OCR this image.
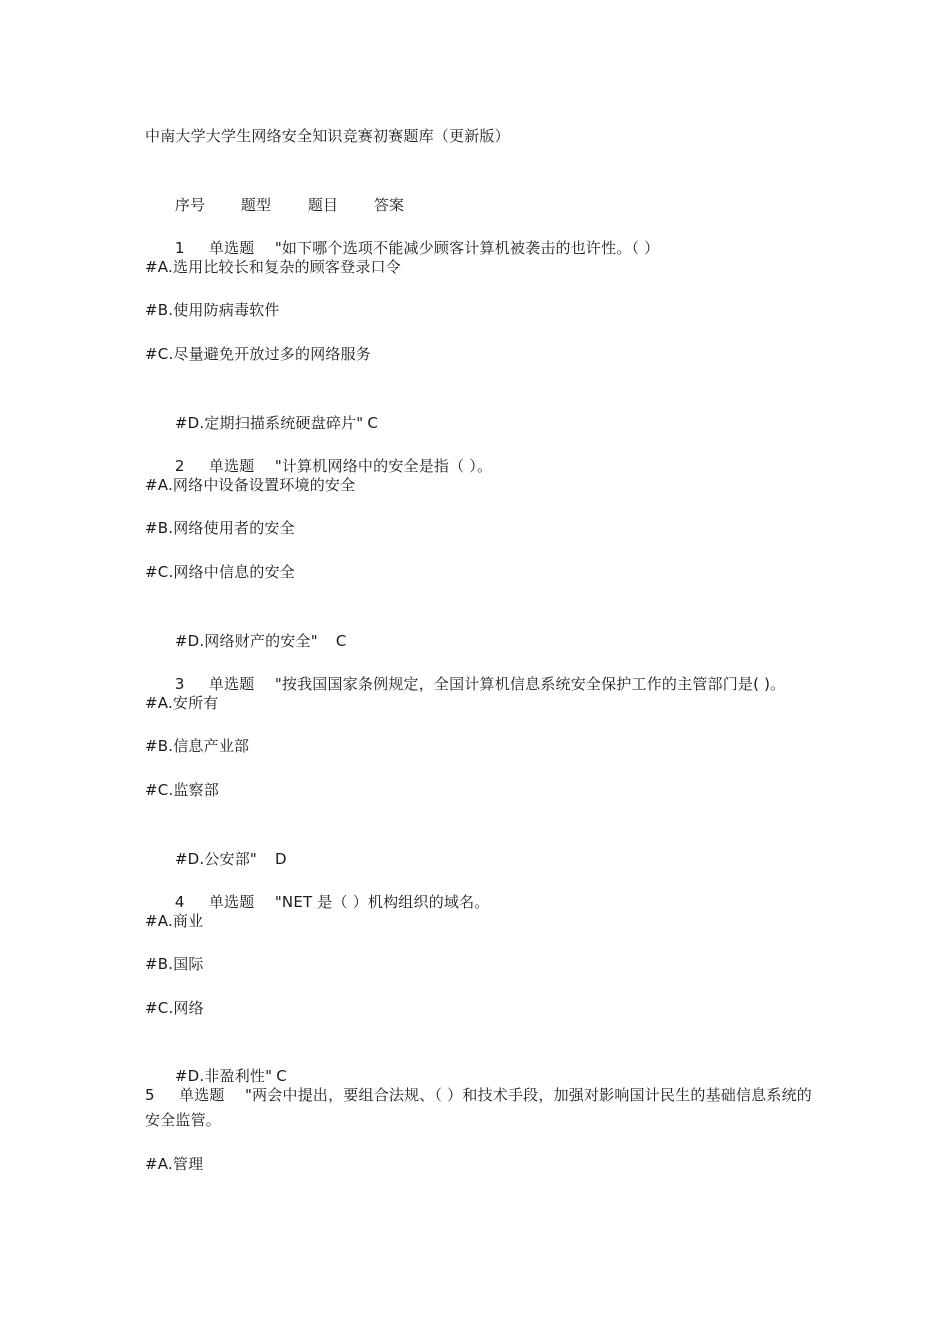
中南大学大学生网络安全知识竞赛初赛题库（更新版）

序号 题型 题目 答案

1 单选题 "如下哪个选项不能减少顾客计算机被袭击的也许性。（ ）

#A.选用比较长和复杂的顾客登录口令
#B.使用防病毒软件
#C.尽量避免开放过多的网络服务

#D.定期扫描系统硬盘碎片" C

2 单选题 "计算机网络中的安全是指（ ）。

#A.网络中设备设置环境的安全
#B.网络使用者的安全
#C.网络中信息的安全

#D.网络财产的安全" C

3 单选题 "按我国国家条例规定，全国计算机信息系统安全保护工作的主管部门是( )。

#A.安所有
#B.信息产业部
#C.监察部

#D.公安部" D

4 单选题 "NET 是（ ）机构组织的域名。

#A.商业
#B.国际
#C.网络

#D.非盈利性" C

5 单选题 "两会中提出，要组合法规、（ ）和技术手段，加强对影响国计民生的基础信息系统的安全监管。
#A.管理
